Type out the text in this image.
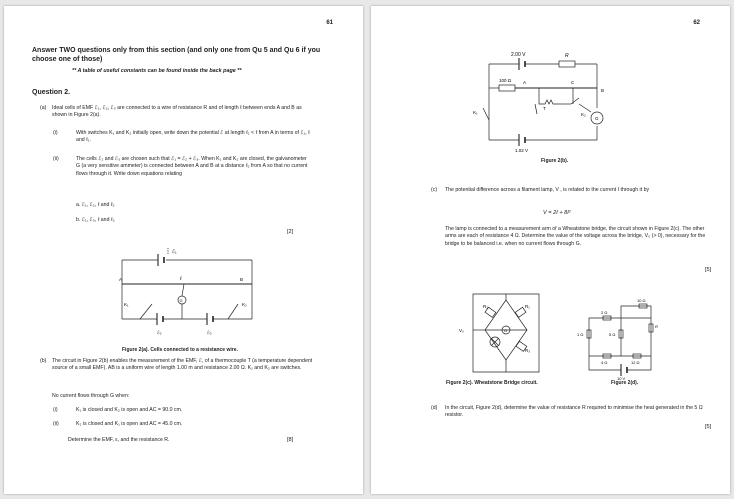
61
Answer TWO questions only from this section (and only one from Qu 5 and Qu 6 if you choose one of those)
** A table of useful constants can be found inside the back page **
Question 2.
(a) Ideal cells of EMF ℰ₁, ℰ₂, ℰ₃ are connected to a wire of resistance R and of length ℓ between ends A and B as shown in Figure 2(a).
(i)	With switches K₁ and K₂ initially open, write down the potential ℰ at length ℓ₁ < ℓ from A in terms of ℰ₁, ℓ and ℓ₁.
(ii)	The cells ℰ₂ and ℰ₃ are chosen such that ℰ₁ = ℰ₂ + ℰ₃. When K₁ and K₂ are closed, the galvanometer G (a very sensitive ammeter) is connected between A and B at a distance ℓ₂ from A so that no current flows through it. Write down equations relating
a. ℰ₁, ℰ₂, ℓ and ℓ₂
b. ℰ₁, ℰ₃, ℓ and ℓ₂
[2]
ℰ₁
ℓ
A	B
K₁	K₂
G
ℰ₂	ℰ₃
Figure 2(a). Cells connected to a resistance wire.
(b) The circuit in Figure 2(b) enables the measurement of the EMF, ℰ, of a thermocouple T (a temperature dependent source of a small EMF). AB is a uniform wire of length 1.00 m and resistance 2.00 Ω. K₁ and K₂ are switches.
No current flows through G when:
(i)	K₁ is closed and K₂ is open and AC = 90.0 cm.
(ii)	K₂ is closed and K₁ is open and AC = 45.0 cm.
Determine the EMF, ε, and the resistance R.	[8]
62
2.00 V	R
100 Ω	A	C
B
K₁
T
K₂
G
1.02 V
Figure 2(b).
(c) The potential difference across a filament lamp, V , is related to the current I through it by
V = 2I + 8I²
The lamp is connected to a measurement arm of a Wheatstone bridge, the circuit shown in Figure 2(c). The other arms are each of resistance 4 Ω. Determine the value of the voltage across the bridge, V₀ (> 0), necessary for the bridge to be balanced i.e. when no current flows through G.
[5]
R₂	R₁
R₃
V₀	G
10 Ω
2 Ω
R
1 Ω	5 Ω
4 Ω	12 Ω
10 V
Figure 2(c). Wheatstone Bridge circuit.	Figure 2(d).
(d) In the circuit, Figure 2(d), determine the value of resistance R required to minimise the heat generated in the 5 Ω resistor.
[5]
